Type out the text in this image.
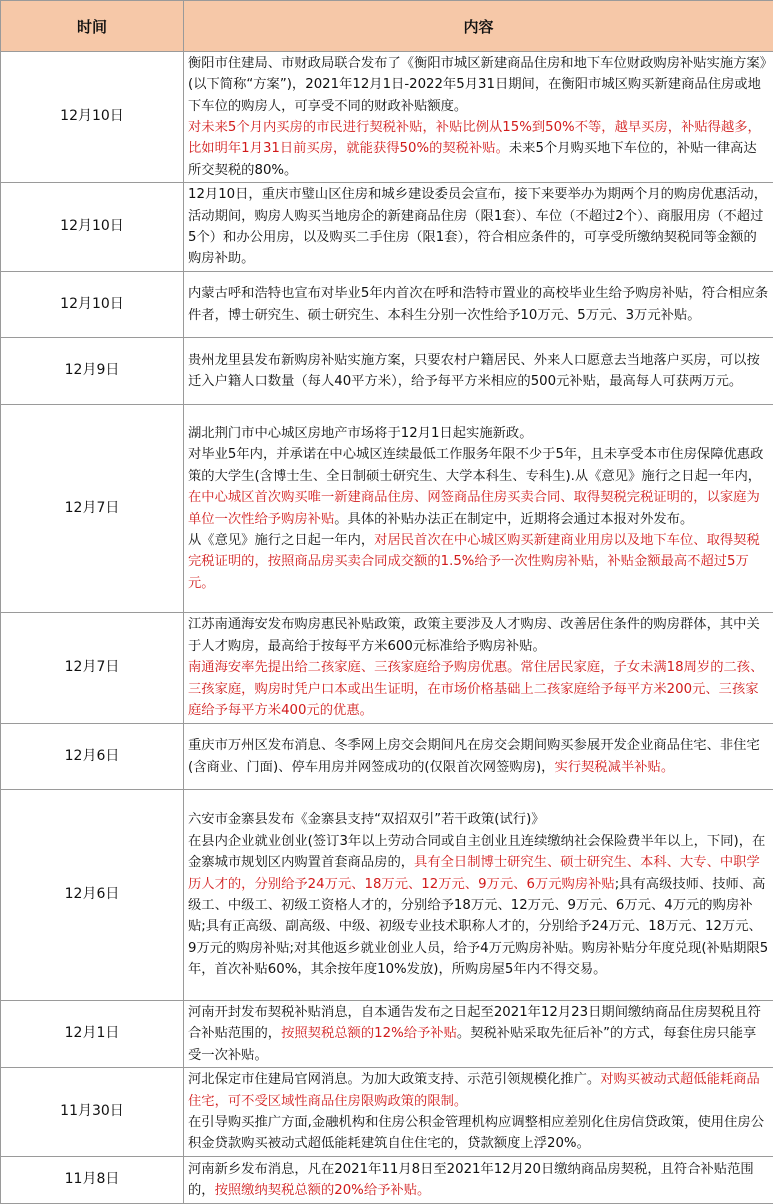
时间	内容
12月10日	衡阳市住建局、市财政局联合发布了《衡阳市城区新建商品住房和地下车位财政购房补贴实施方案》(以下简称“方案”)，2021年12月1日-2022年5月31日期间，在衡阳市城区购买新建商品住房或地下车位的购房人，可享受不同的财政补贴额度。
对未来5个月内买房的市民进行契税补贴，补贴比例从15%到50%不等，越早买房，补贴得越多，比如明年1月31日前买房，就能获得50%的契税补贴。未来5个月购买地下车位的，补贴一律高达所交契税的80%。
12月10日	12月10日，重庆市璧山区住房和城乡建设委员会宣布，接下来要举办为期两个月的购房优惠活动，活动期间，购房人购买当地房企的新建商品住房（限1套）、车位（不超过2个）、商服用房（不超过5个）和办公用房，以及购买二手住房（限1套），符合相应条件的，可享受所缴纳契税同等金额的购房补助。
12月10日	内蒙古呼和浩特也宣布对毕业5年内首次在呼和浩特市置业的高校毕业生给予购房补贴，符合相应条件者，博士研究生、硕士研究生、本科生分别一次性给予10万元、5万元、3万元补贴。
12月9日	贵州龙里县发布新购房补贴实施方案，只要农村户籍居民、外来人口愿意去当地落户买房，可以按迁入户籍人口数量（每人40平方米），给予每平方米相应的500元补贴，最高每人可获两万元。
12月7日	湖北荆门市中心城区房地产市场将于12月1日起实施新政。
对毕业5年内，并承诺在中心城区连续最低工作服务年限不少于5年，且未享受本市住房保障优惠政策的大学生(含博士生、全日制硕士研究生、大学本科生、专科生).从《意见》施行之日起一年内，在中心城区首次购买唯一新建商品住房、网签商品住房买卖合同、取得契税完税证明的，以家庭为单位一次性给予购房补贴。具体的补贴办法正在制定中，近期将会通过本报对外发布。
从《意见》施行之日起一年内，对居民首次在中心城区购买新建商业用房以及地下车位、取得契税完税证明的，按照商品房买卖合同成交额的1.5%给予一次性购房补贴，补贴金额最高不超过5万元。
12月7日	江苏南通海安发布购房惠民补贴政策，政策主要涉及人才购房、改善居住条件的购房群体，其中关于人才购房，最高给于按每平方米600元标准给予购房补贴。
南通海安率先提出给二孩家庭、三孩家庭给予购房优惠。常住居民家庭，子女未满18周岁的二孩、三孩家庭，购房时凭户口本或出生证明，在市场价格基础上二孩家庭给予每平方米200元、三孩家庭给予每平方米400元的优惠。
12月6日	重庆市万州区发布消息、冬季网上房交会期间凡在房交会期间购买参展开发企业商品住宅、非住宅(含商业、门面)、停车用房并网签成功的(仅限首次网签购房)，实行契税减半补贴。
12月6日	六安市金寨县发布《金寨县支持“双招双引”若干政策(试行)》
在县内企业就业创业(签订3年以上劳动合同或自主创业且连续缴纳社会保险费半年以上，下同)，在金寨城市规划区内购置首套商品房的，具有全日制博士研究生、硕士研究生、本科、大专、中职学历人才的，分别给予24万元、18万元、12万元、9万元、6万元购房补贴;具有高级技师、技师、高级工、中级工、初级工资格人才的，分别给予18万元、12万元、9万元、6万元、4万元的购房补贴;具有正高级、副高级、中级、初级专业技术职称人才的，分别给予24万元、18万元、12万元、9万元的购房补贴;对其他返乡就业创业人员，给予4万元购房补贴。购房补贴分年度兑现(补贴期限5年，首次补贴60%，其余按年度10%发放)，所购房屋5年内不得交易。
12月1日	河南开封发布契税补贴消息，自本通告发布之日起至2021年12月23日期间缴纳商品住房契税且符合补贴范围的，按照契税总额的12%给予补贴。契税补贴采取先征后补”的方式，每套住房只能享受一次补贴。
11月30日	河北保定市住建局官网消息。为加大政策支持、示范引领规模化推广。对购买被动式超低能耗商品住宅，可不受区域性商品住房限购政策的限制。
在引导购买推广方面,金融机构和住房公积金管理机构应调整相应差别化住房信贷政策，使用住房公积金贷款购买被动式超低能耗建筑自住住宅的，贷款额度上浮20%。
11月8日	河南新乡发布消息，凡在2021年11月8日至2021年12月20日缴纳商品房契税，且符合补贴范围的，按照缴纳契税总额的20%给予补贴。
